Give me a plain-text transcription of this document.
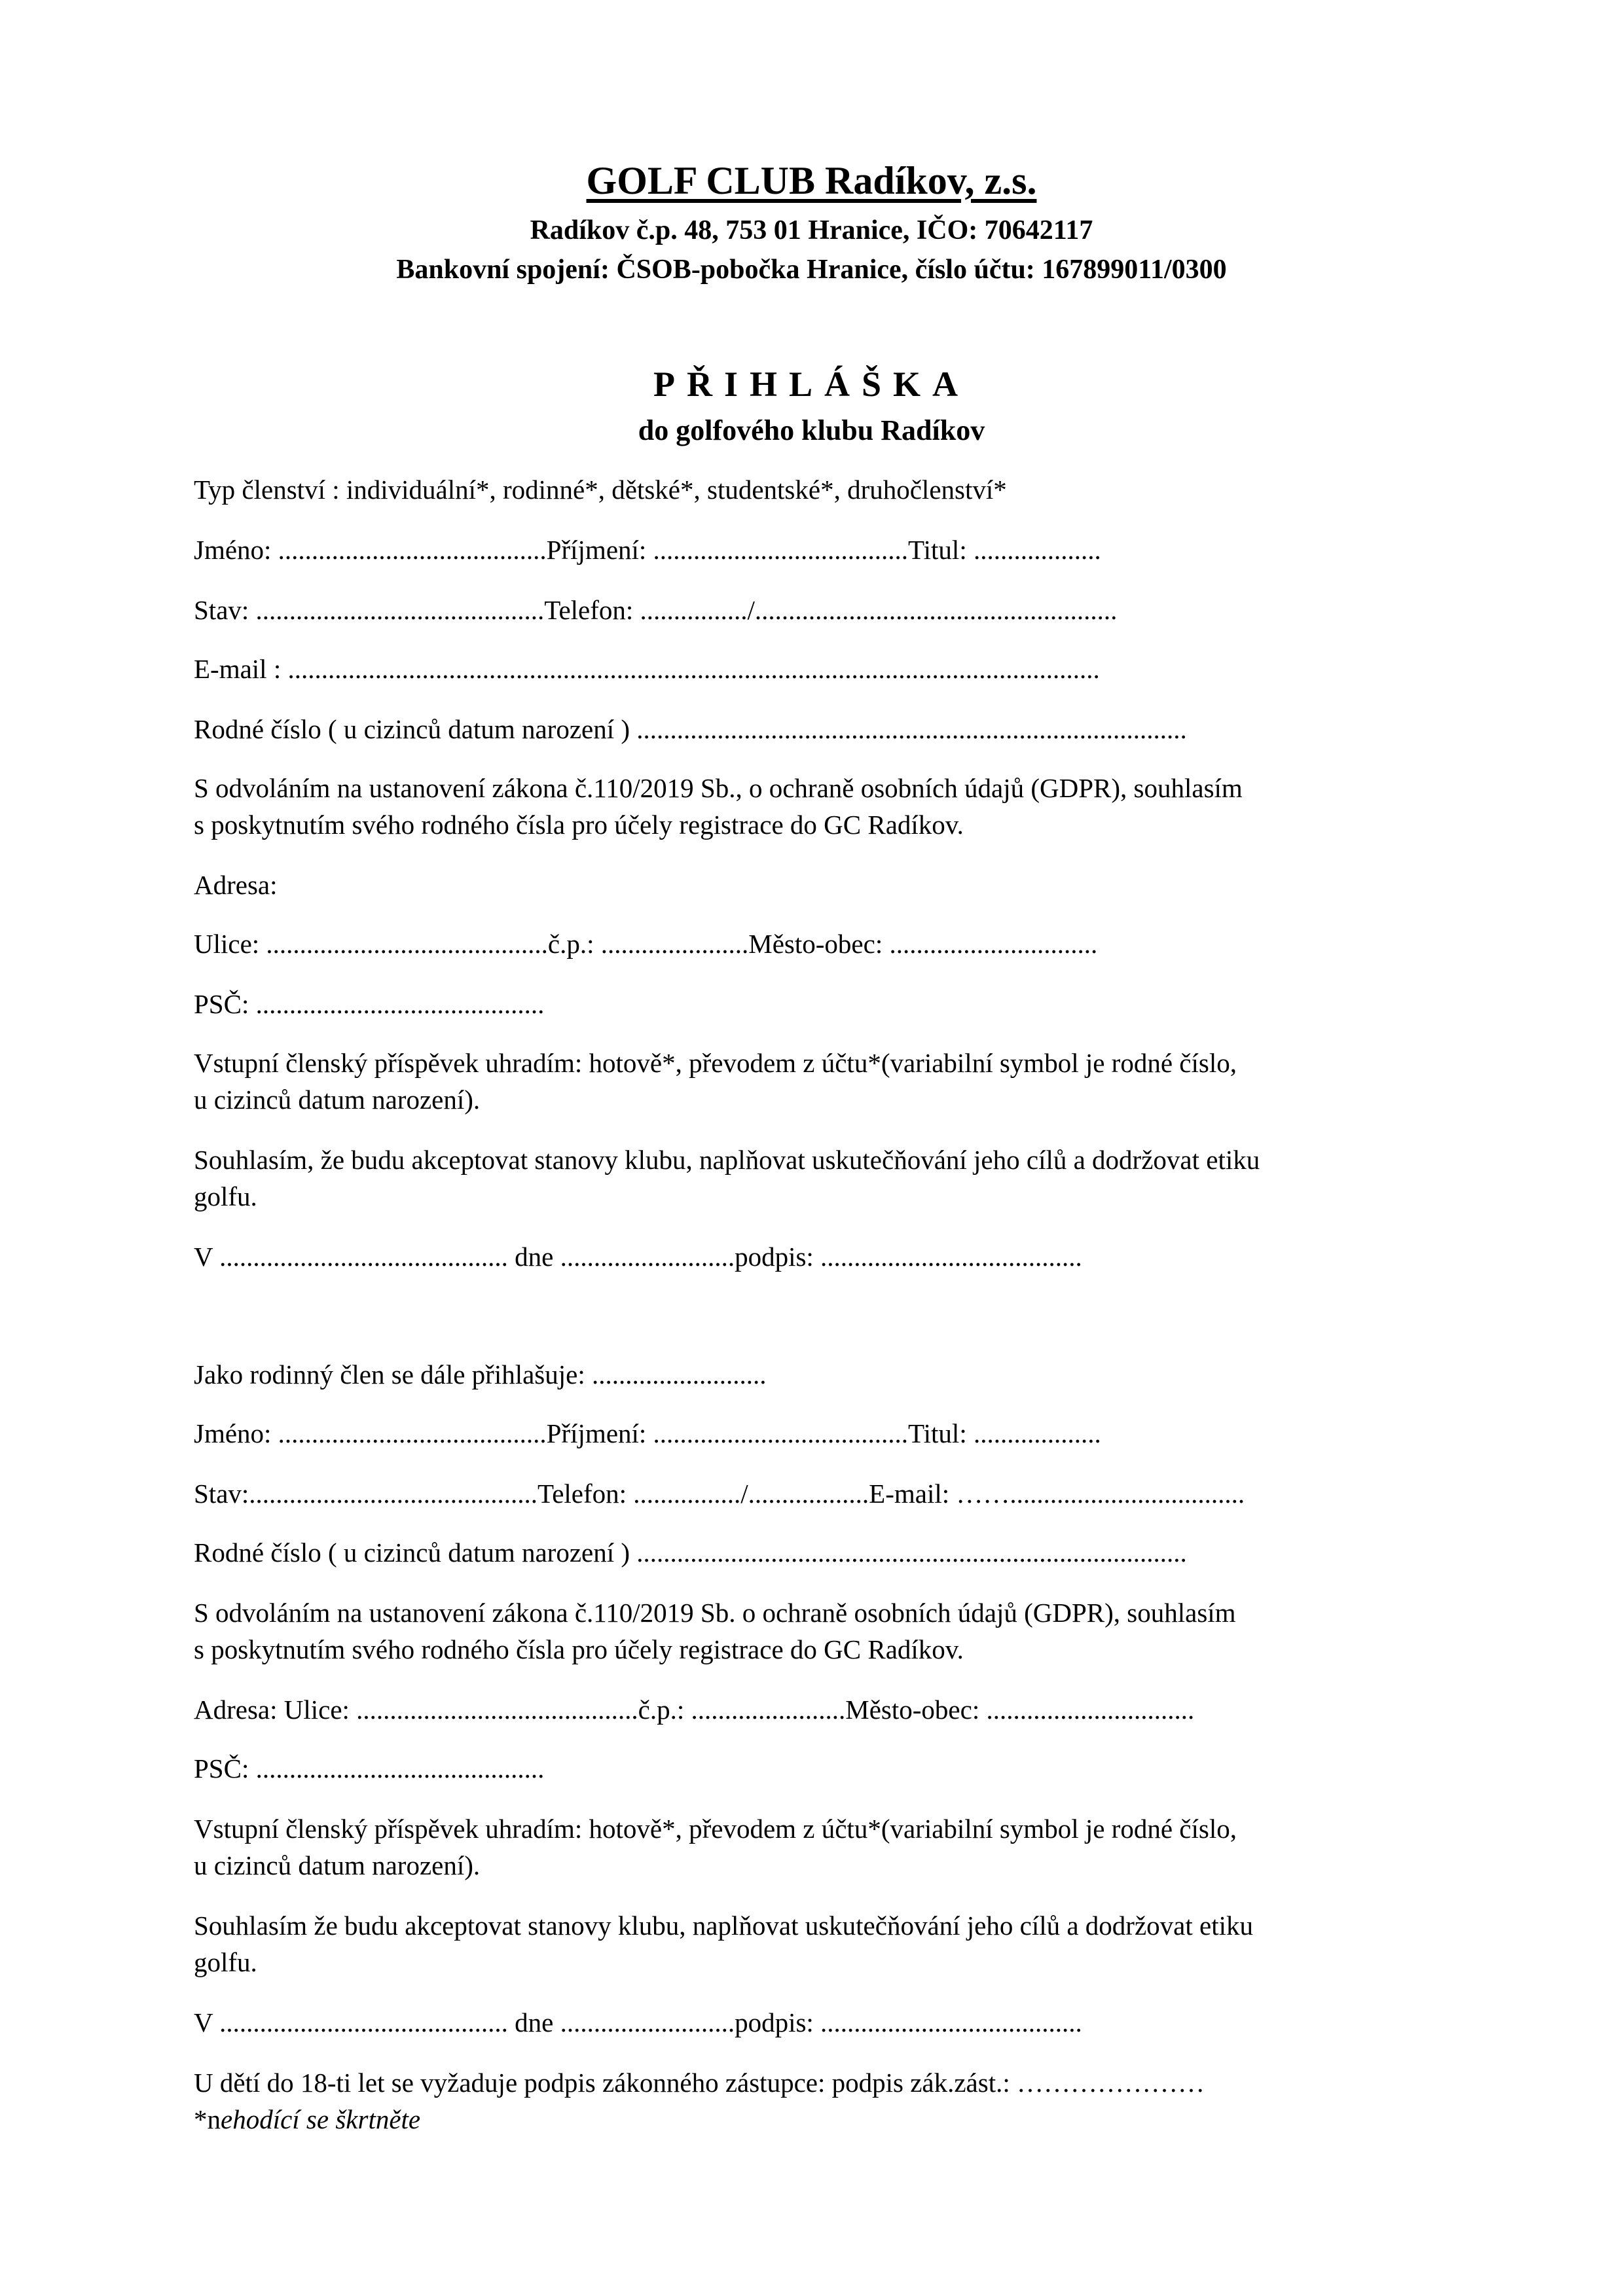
GOLF CLUB Radíkov, z.s.
Radíkov č.p. 48, 753 01 Hranice, IČO: 70642117
Bankovní spojení: ČSOB-pobočka Hranice, číslo účtu: 167899011/0300
PŘIHLÁŠKA
do golfového klubu Radíkov
Typ členství : individuální*, rodinné*, dětské*, studentské*, druhočlenství*
Jméno: ........................................Příjmení: ......................................Titul: ...................
Stav: ...........................................Telefon: ................/......................................................
E-mail : .........................................................................................................................
Rodné číslo ( u cizinců datum narození ) ..................................................................................
S odvoláním na ustanovení zákona č.110/2019 Sb., o ochraně osobních údajů (GDPR), souhlasím
s poskytnutím svého rodného čísla pro účely registrace do GC Radíkov.
Adresa:
Ulice: ..........................................č.p.: ......................Město-obec: ...............................
PSČ: ...........................................
Vstupní členský příspěvek uhradím: hotově*, převodem z účtu*(variabilní symbol je rodné číslo,
u cizinců datum narození).
Souhlasím, že budu akceptovat stanovy klubu, naplňovat uskutečňování jeho cílů a dodržovat etiku
golfu.
V ........................................... dne ..........................podpis: .......................................
Jako rodinný člen se dále přihlašuje: ..........................
Jméno: ........................................Příjmení: ......................................Titul: ...................
Stav:...........................................Telefon: ................/..................E-mail: ……...................................
Rodné číslo ( u cizinců datum narození ) ..................................................................................
S odvoláním na ustanovení zákona č.110/2019 Sb. o ochraně osobních údajů (GDPR), souhlasím
s poskytnutím svého rodného čísla pro účely registrace do GC Radíkov.
Adresa: Ulice: ..........................................č.p.: .......................Město-obec: ...............................
PSČ: ...........................................
Vstupní členský příspěvek uhradím: hotově*, převodem z účtu*(variabilní symbol je rodné číslo,
u cizinců datum narození).
Souhlasím že budu akceptovat stanovy klubu, naplňovat uskutečňování jeho cílů a dodržovat etiku
golfu.
V ........................................... dne ..........................podpis: .......................................
U dětí do 18-ti let se vyžaduje podpis zákonného zástupce: podpis zák.zást.: …………………
*nehodící se škrtněte
